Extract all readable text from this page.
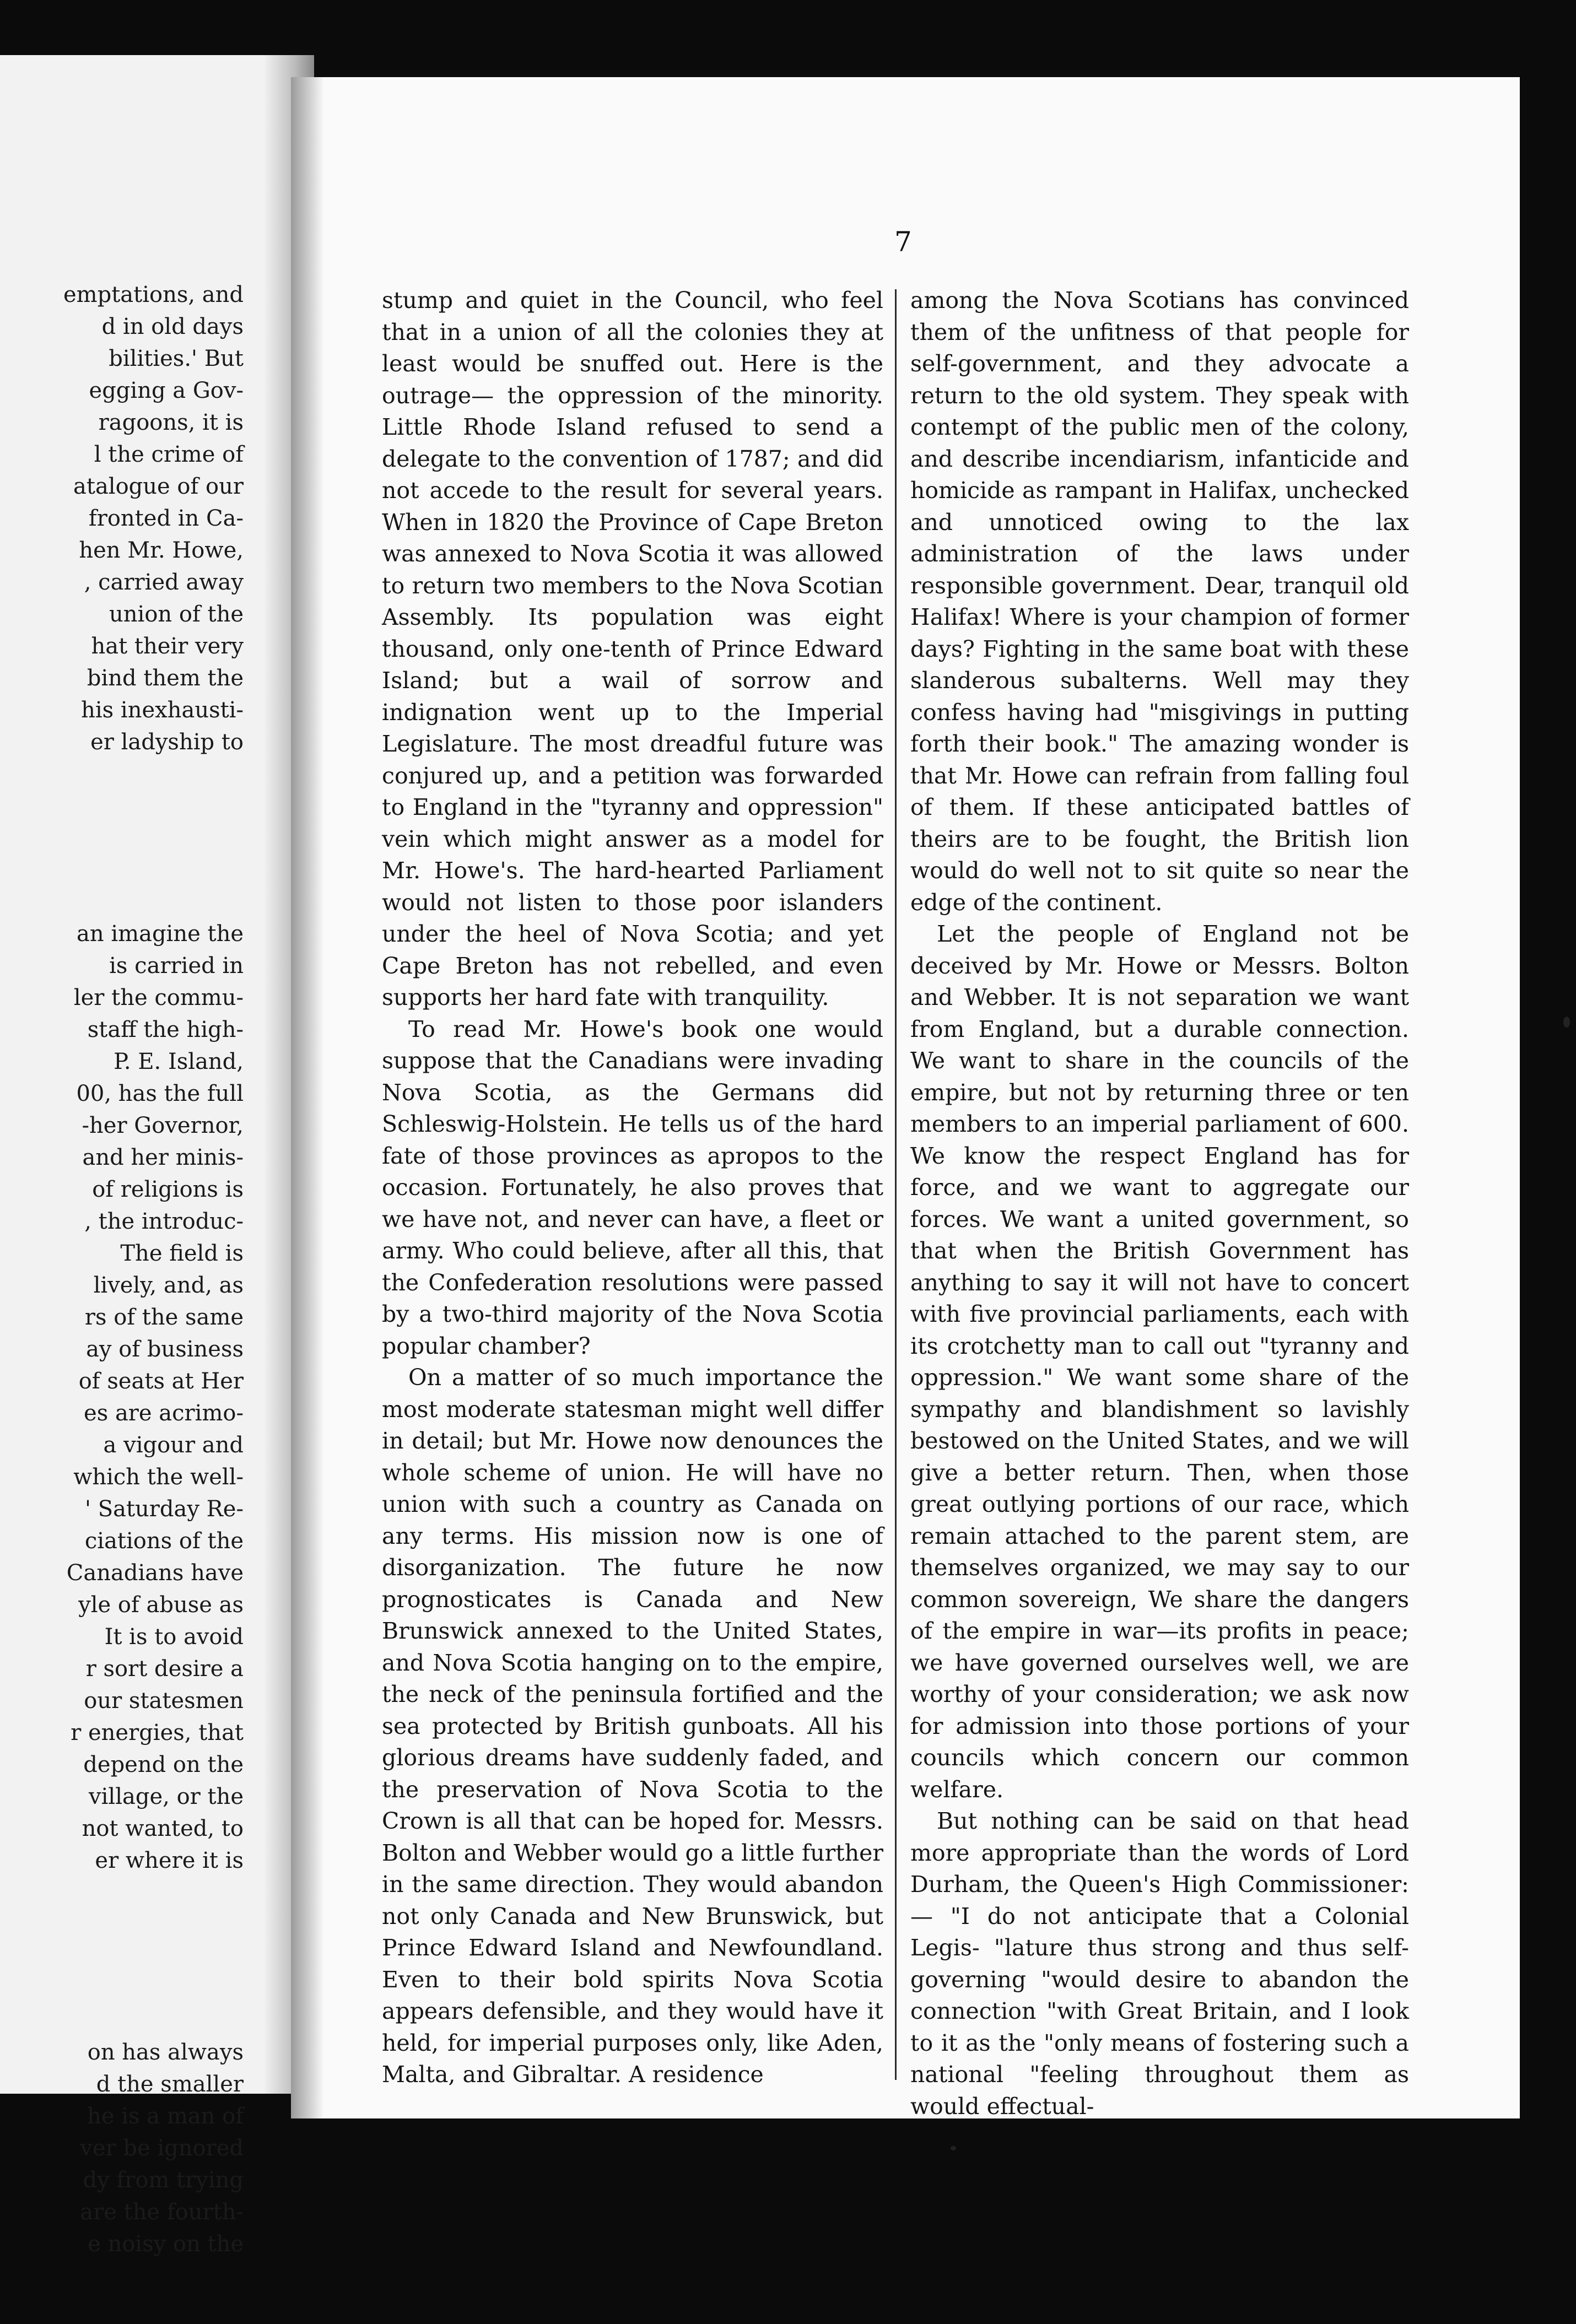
emptations, and
d in old days
bilities.' But
egging a Gov-
ragoons, it is
l the crime of
atalogue of our
fronted in Ca-
hen Mr. Howe,
, carried away
union of the
hat their very
bind them the
his inexhausti-
er ladyship to

an imagine the
is carried in
ler the commu-
staff the high-
P. E. Island,
00, has the full
-her Governor,
and her minis-
of religions is
, the introduc-
The field is
lively, and, as
rs of the same
ay of business
of seats at Her
es are acrimo-
a vigour and
which the well-
' Saturday Re-
ciations of the
Canadians have
yle of abuse as
It is to avoid
r sort desire a
our statesmen
r energies, that
depend on the
village, or the
not wanted, to
er where it is

on has always
d the smaller
he is a man of
ver be ignored
dy from trying
are the fourth-
e noisy on the

7

stump and quiet in the Council, who feel that in a union of all the colonies they at least would be snuffed out. Here is the outrage— the oppression of the minority. Little Rhode Island refused to send a delegate to the convention of 1787; and did not accede to the result for several years. When in 1820 the Province of Cape Breton was annexed to Nova Scotia it was allowed to return two members to the Nova Scotian Assembly. Its population was eight thousand, only one-tenth of Prince Edward Island; but a wail of sorrow and indignation went up to the Imperial Legislature. The most dreadful future was conjured up, and a petition was forwarded to England in the "tyranny and oppression" vein which might answer as a model for Mr. Howe's. The hard-hearted Parliament would not listen to those poor islanders under the heel of Nova Scotia; and yet Cape Breton has not rebelled, and even supports her hard fate with tranquility.

To read Mr. Howe's book one would suppose that the Canadians were invading Nova Scotia, as the Germans did Schleswig-Holstein. He tells us of the hard fate of those provinces as apropos to the occasion. Fortunately, he also proves that we have not, and never can have, a fleet or army. Who could believe, after all this, that the Confederation resolutions were passed by a two-third majority of the Nova Scotia popular chamber?

On a matter of so much importance the most moderate statesman might well differ in detail; but Mr. Howe now denounces the whole scheme of union. He will have no union with such a country as Canada on any terms. His mission now is one of disorganization. The future he now prognosticates is Canada and New Brunswick annexed to the United States, and Nova Scotia hanging on to the empire, the neck of the peninsula fortified and the sea protected by British gunboats. All his glorious dreams have suddenly faded, and the preservation of Nova Scotia to the Crown is all that can be hoped for. Messrs. Bolton and Webber would go a little further in the same direction. They would abandon not only Canada and New Brunswick, but Prince Edward Island and Newfoundland. Even to their bold spirits Nova Scotia appears defensible, and they would have it held, for imperial purposes only, like Aden, Malta, and Gibraltar. A residence

among the Nova Scotians has convinced them of the unfitness of that people for self-government, and they advocate a return to the old system. They speak with contempt of the public men of the colony, and describe incendiarism, infanticide and homicide as rampant in Halifax, unchecked and unnoticed owing to the lax administration of the laws under responsible government. Dear, tranquil old Halifax! Where is your champion of former days? Fighting in the same boat with these slanderous subalterns. Well may they confess having had "misgivings in putting forth their book." The amazing wonder is that Mr. Howe can refrain from falling foul of them. If these anticipated battles of theirs are to be fought, the British lion would do well not to sit quite so near the edge of the continent.

Let the people of England not be deceived by Mr. Howe or Messrs. Bolton and Webber. It is not separation we want from England, but a durable connection. We want to share in the councils of the empire, but not by returning three or ten members to an imperial parliament of 600. We know the respect England has for force, and we want to aggregate our forces. We want a united government, so that when the British Government has anything to say it will not have to concert with five provincial parliaments, each with its crotchetty man to call out "tyranny and oppression." We want some share of the sympathy and blandishment so lavishly bestowed on the United States, and we will give a better return. Then, when those great outlying portions of our race, which remain attached to the parent stem, are themselves organized, we may say to our common sovereign, We share the dangers of the empire in war—its profits in peace; we have governed ourselves well, we are worthy of your consideration; we ask now for admission into those portions of your councils which concern our common welfare.

But nothing can be said on that head more appropriate than the words of Lord Durham, the Queen's High Commissioner:— "I do not anticipate that a Colonial Legis- "lature thus strong and thus self-governing "would desire to abandon the connection "with Great Britain, and I look to it as the "only means of fostering such a national "feeling throughout them as would effectual-
